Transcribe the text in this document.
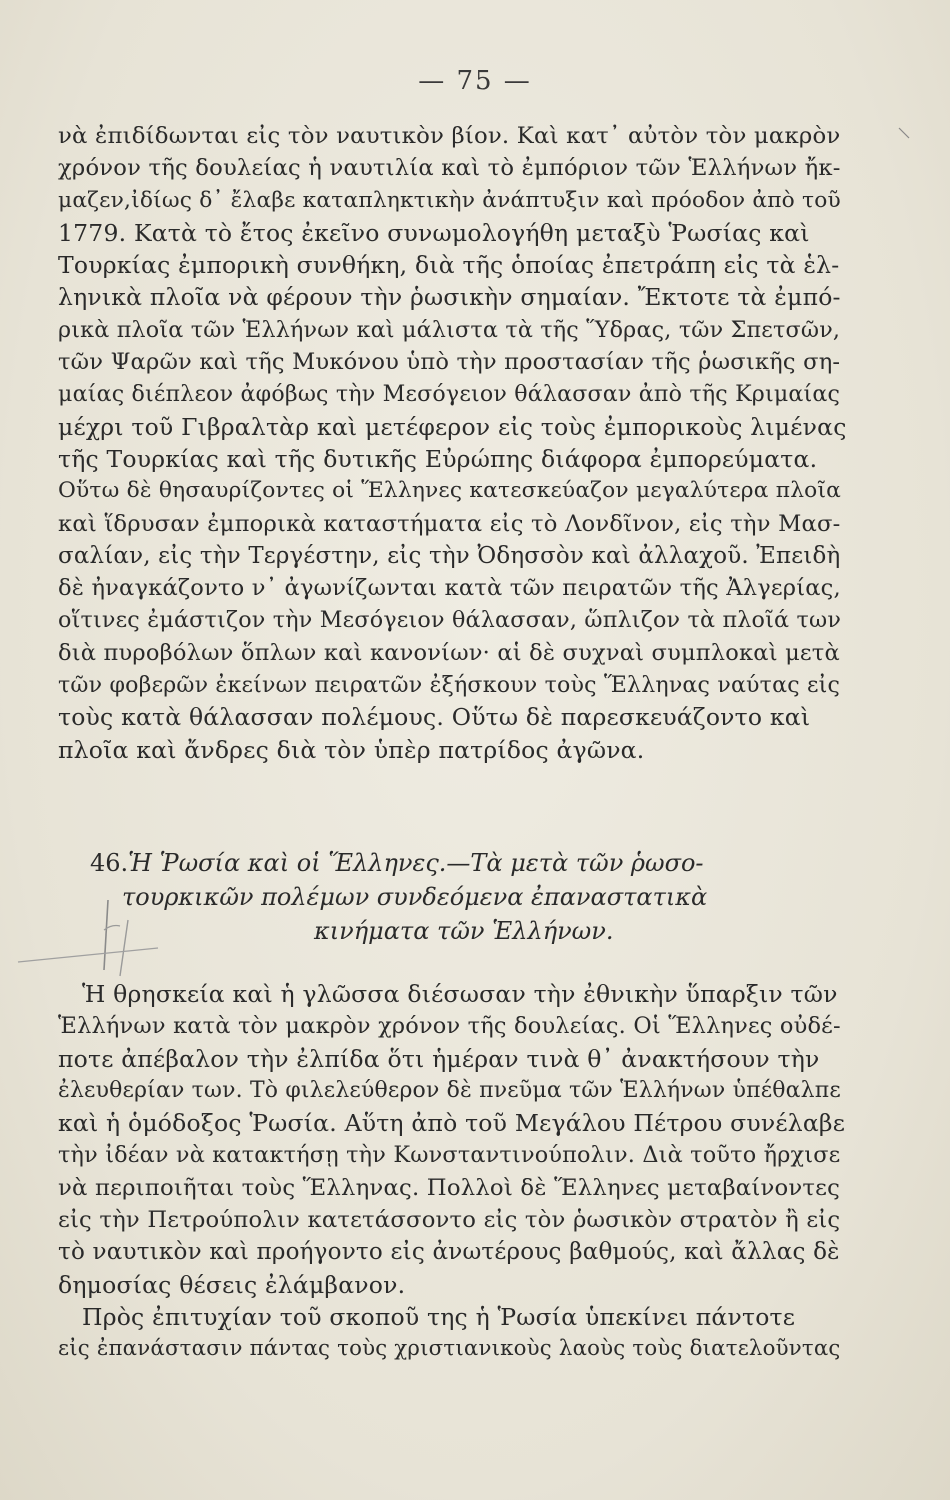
— 75 —
νὰ ἐπιδίδωνται εἰς τὸν ναυτικὸν βίον. Καὶ κατ᾽ αὐτὸν τὸν μακρὸν
χρόνον τῆς δουλείας ἡ ναυτιλία καὶ τὸ ἐμπόριον τῶν Ἑλλήνων ἤκ-
μαζεν,ἰδίως δ᾽ ἔλαβε καταπληκτικὴν ἀνάπτυξιν καὶ πρόοδον ἀπὸ τοῦ
1779. Κατὰ τὸ ἔτος ἐκεῖνο συνωμολογήθη μεταξὺ Ῥωσίας καὶ
Τουρκίας ἐμπορικὴ συνθήκη, διὰ τῆς ὁποίας ἐπετράπη εἰς τὰ ἑλ-
ληνικὰ πλοῖα νὰ φέρουν τὴν ῥωσικὴν σημαίαν. Ἔκτοτε τὰ ἐμπό-
ρικὰ πλοῖα τῶν Ἑλλήνων καὶ μάλιστα τὰ τῆς Ὕδρας, τῶν Σπετσῶν,
τῶν Ψαρῶν καὶ τῆς Μυκόνου ὑπὸ τὴν προστασίαν τῆς ῥωσικῆς ση-
μαίας διέπλεον ἀφόβως τὴν Μεσόγειον θάλασσαν ἀπὸ τῆς Κριμαίας
μέχρι τοῦ Γιβραλτὰρ καὶ μετέφερον εἰς τοὺς ἐμπορικοὺς λιμένας
τῆς Τουρκίας καὶ τῆς δυτικῆς Εὐρώπης διάφορα ἐμπορεύματα.
Οὕτω δὲ θησαυρίζοντες οἱ Ἕλληνες κατεσκεύαζον μεγαλύτερα πλοῖα
καὶ ἵδρυσαν ἐμπορικὰ καταστήματα εἰς τὸ Λονδῖνον, εἰς τὴν Μασ-
σαλίαν, εἰς τὴν Τεργέστην, εἰς τὴν Ὀδησσὸν καὶ ἀλλαχοῦ. Ἐπειδὴ
δὲ ἠναγκάζοντο ν᾽ ἀγωνίζωνται κατὰ τῶν πειρατῶν τῆς Ἀλγερίας,
οἵτινες ἐμάστιζον τὴν Μεσόγειον θάλασσαν, ὥπλιζον τὰ πλοῖά των
διὰ πυροβόλων ὅπλων καὶ κανονίων· αἱ δὲ συχναὶ συμπλοκαὶ μετὰ
τῶν φοβερῶν ἐκείνων πειρατῶν ἐξήσκουν τοὺς Ἕλληνας ναύτας εἰς
τοὺς κατὰ θάλασσαν πολέμους. Οὕτω δὲ παρεσκευάζοντο καὶ
πλοῖα καὶ ἄνδρες διὰ τὸν ὑπὲρ πατρίδος ἀγῶνα.
46.Ἡ Ῥωσία καὶ οἱ Ἕλληνες.—Τὰ μετὰ τῶν ῥωσο-
τουρκικῶν πολέμων συνδεόμενα ἐπαναστατικὰ
κινήματα τῶν Ἑλλήνων.
Ἡ θρησκεία καὶ ἡ γλῶσσα διέσωσαν τὴν ἐθνικὴν ὕπαρξιν τῶν
Ἑλλήνων κατὰ τὸν μακρὸν χρόνον τῆς δουλείας. Οἱ Ἕλληνες οὐδέ-
ποτε ἀπέβαλον τὴν ἐλπίδα ὅτι ἡμέραν τινὰ θ᾽ ἀνακτήσουν τὴν
ἐλευθερίαν των. Τὸ φιλελεύθερον δὲ πνεῦμα τῶν Ἑλλήνων ὑπέθαλπε
καὶ ἡ ὁμόδοξος Ῥωσία. Αὕτη ἀπὸ τοῦ Μεγάλου Πέτρου συνέλαβε
τὴν ἰδέαν νὰ κατακτήσῃ τὴν Κωνσταντινούπολιν. Διὰ τοῦτο ἤρχισε
νὰ περιποιῆται τοὺς Ἕλληνας. Πολλοὶ δὲ Ἕλληνες μεταβαίνοντες
εἰς τὴν Πετρούπολιν κατετάσσοντο εἰς τὸν ῥωσικὸν στρατὸν ἢ εἰς
τὸ ναυτικὸν καὶ προήγοντο εἰς ἀνωτέρους βαθμούς, καὶ ἄλλας δὲ
δημοσίας θέσεις ἐλάμβανον.
Πρὸς ἐπιτυχίαν τοῦ σκοποῦ της ἡ Ῥωσία ὑπεκίνει πάντοτε
εἰς ἐπανάστασιν πάντας τοὺς χριστιανικοὺς λαοὺς τοὺς διατελοῦντας
